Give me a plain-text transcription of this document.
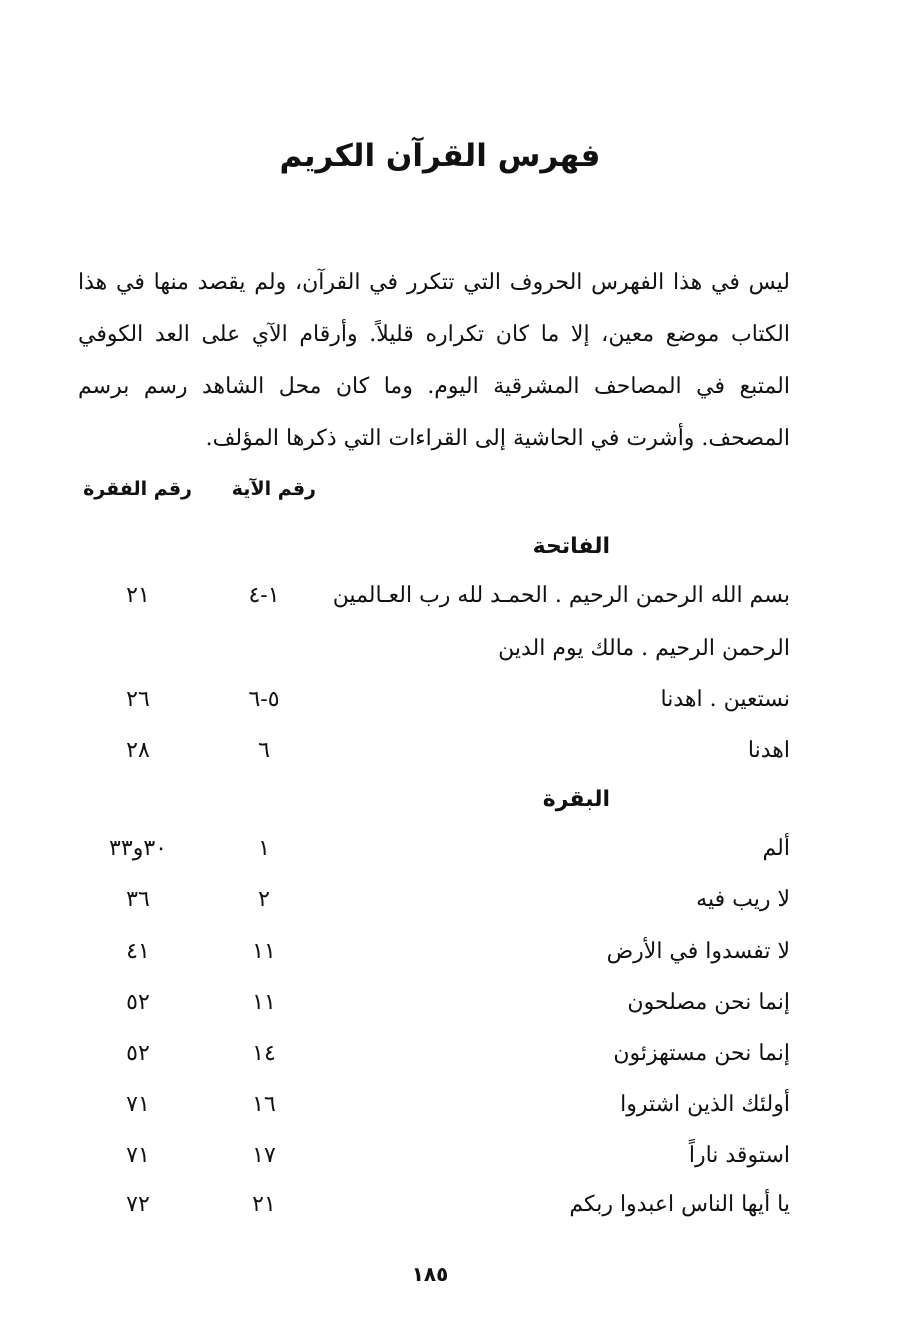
فهرس القرآن الكريم

ليس في هذا الفهرس الحروف التي تتكرر في القرآن، ولم يقصد منها في هذا الكتاب موضع معين، إلا ما كان تكراره قليلاً. وأرقام الآي على العد الكوفي المتبع في المصاحف المشرقية اليوم. وما كان محل الشاهد رسم برسم المصحف. وأشرت في الحاشية إلى القراءات التي ذكرها المؤلف.

رقم الآية
رقم الفقرة
الفاتحة
بسم الله الرحمن الرحيم . الحمـد لله رب العـالمين
١-٤
٢١
الرحمن الرحيم . مالك يوم الدين
نستعين . اهدنا
٥-٦
٢٦
اهدنا
٦
٢٨
البقرة
ألم
١
٣٠و٣٣
لا ريب فيه
٢
٣٦
لا تفسدوا في الأرض
١١
٤١
إنما نحن مصلحون
١١
٥٢
إنما نحن مستهزئون
١٤
٥٢
أولئك الذين اشتروا
١٦
٧١
استوقد ناراً
١٧
٧١
يا أيها الناس اعبدوا ربكم
٢١
٧٢
١٨٥
